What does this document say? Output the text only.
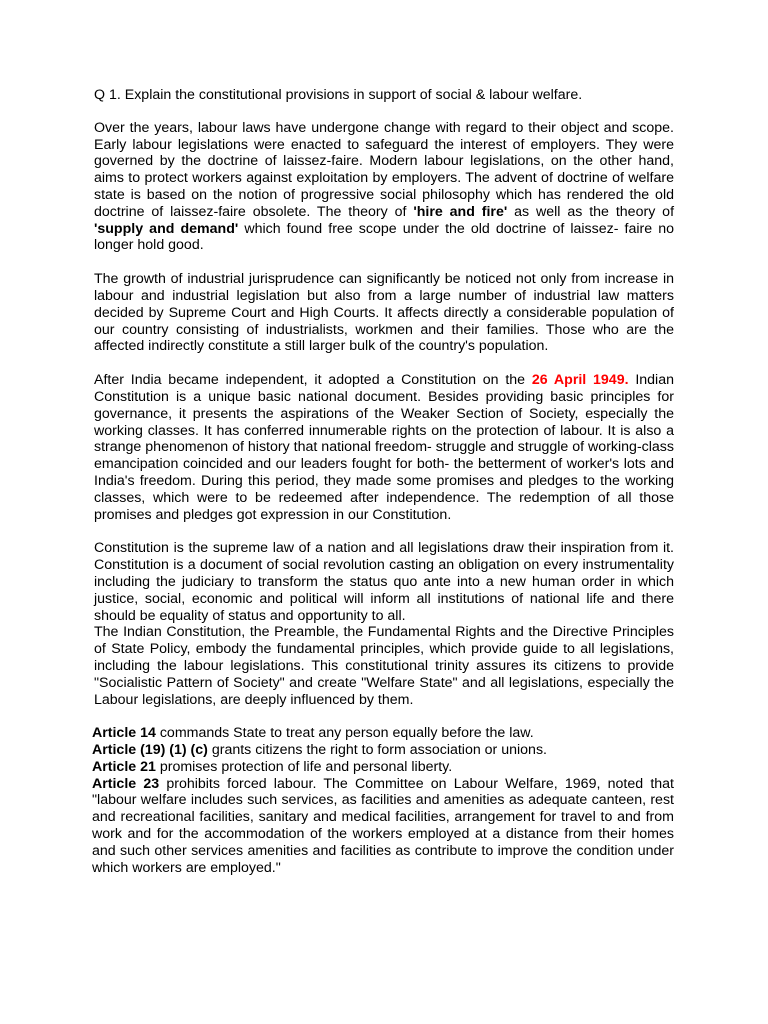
Q 1. Explain the constitutional provisions in support of social & labour welfare.

Over the years, labour laws have undergone change with regard to their object and scope. Early labour legislations were enacted to safeguard the interest of employers. They were governed by the doctrine of laissez-faire. Modern labour legislations, on the other hand, aims to protect workers against exploitation by employers. The advent of doctrine of welfare state is based on the notion of progressive social philosophy which has rendered the old doctrine of laissez-faire obsolete. The theory of 'hire and fire' as well as the theory of 'supply and demand' which found free scope under the old doctrine of laissez- faire no longer hold good.

The growth of industrial jurisprudence can significantly be noticed not only from increase in labour and industrial legislation but also from a large number of industrial law matters decided by Supreme Court and High Courts. It affects directly a considerable population of our country consisting of industrialists, workmen and their families. Those who are the affected indirectly constitute a still larger bulk of the country's population.

After India became independent, it adopted a Constitution on the 26 April 1949. Indian Constitution is a unique basic national document. Besides providing basic principles for governance, it presents the aspirations of the Weaker Section of Society, especially the working classes. It has conferred innumerable rights on the protection of labour. It is also a strange phenomenon of history that national freedom- struggle and struggle of working-class emancipation coincided and our leaders fought for both- the betterment of worker's lots and India's freedom. During this period, they made some promises and pledges to the working classes, which were to be redeemed after independence. The redemption of all those promises and pledges got expression in our Constitution.

Constitution is the supreme law of a nation and all legislations draw their inspiration from it. Constitution is a document of social revolution casting an obligation on every instrumentality including the judiciary to transform the status quo ante into a new human order in which justice, social, economic and political will inform all institutions of national life and there should be equality of status and opportunity to all.

The Indian Constitution, the Preamble, the Fundamental Rights and the Directive Principles of State Policy, embody the fundamental principles, which provide guide to all legislations, including the labour legislations. This constitutional trinity assures its citizens to provide "Socialistic Pattern of Society" and create "Welfare State" and all legislations, especially the Labour legislations, are deeply influenced by them.

Article 14 commands State to treat any person equally before the law.

Article (19) (1) (c) grants citizens the right to form association or unions.

Article 21 promises protection of life and personal liberty.

Article 23 prohibits forced labour. The Committee on Labour Welfare, 1969, noted that "labour welfare includes such services, as facilities and amenities as adequate canteen, rest and recreational facilities, sanitary and medical facilities, arrangement for travel to and from work and for the accommodation of the workers employed at a distance from their homes and such other services amenities and facilities as contribute to improve the condition under which workers are employed."
